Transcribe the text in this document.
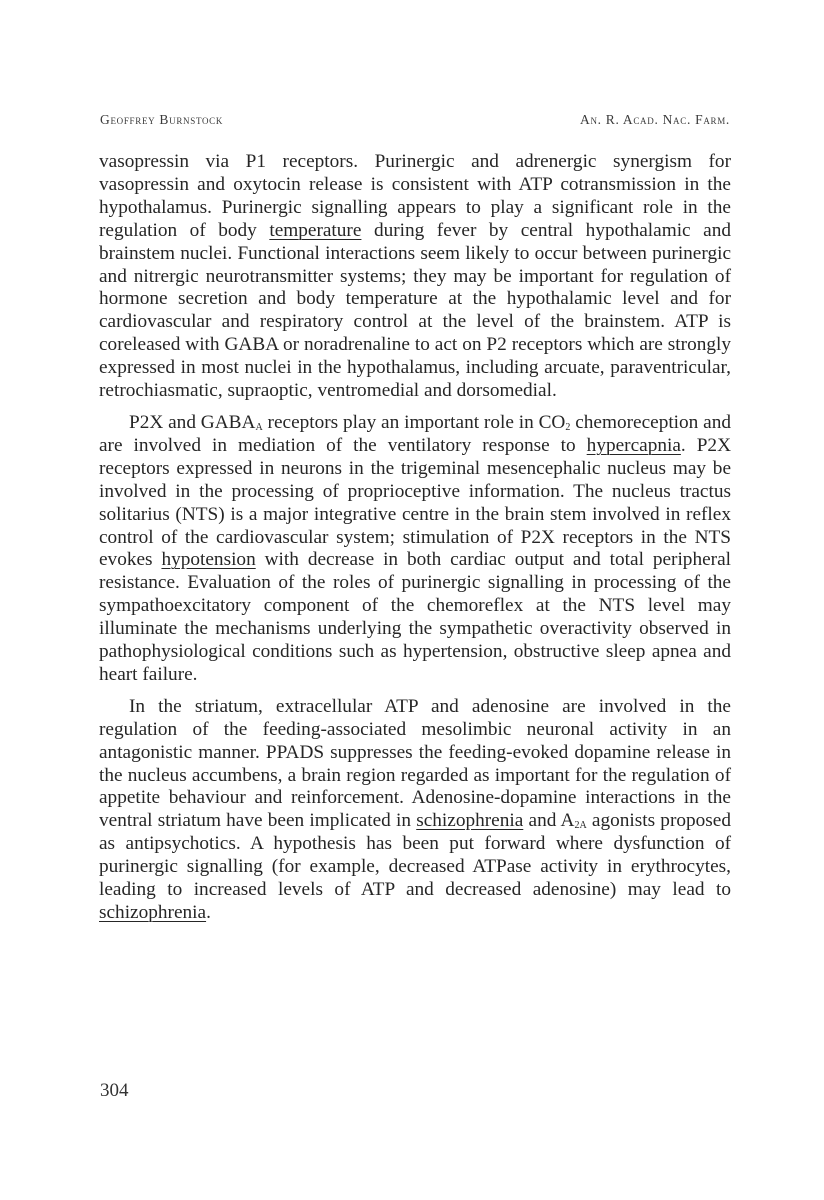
Geoffrey Burnstock	An. R. Acad. Nac. Farm.

vasopressin via P1 receptors. Purinergic and adrenergic synergism for vasopressin and oxytocin release is consistent with ATP cotransmission in the hypothalamus. Purinergic signalling appears to play a significant role in the regulation of body temperature during fever by central hypothalamic and brainstem nuclei. Functional interactions seem likely to occur between purinergic and nitrergic neurotransmitter systems; they may be important for regulation of hormone secretion and body temperature at the hypothalamic level and for cardiovascular and respiratory control at the level of the brainstem. ATP is coreleased with GABA or noradrenaline to act on P2 receptors which are strongly expressed in most nuclei in the hypothalamus, including arcuate, paraventricular, retrochiasmatic, supraoptic, ventromedial and dorsomedial.

P2X and $GABA_A$ receptors play an important role in $CO_2$ chemoreception and are involved in mediation of the ventilatory response to hypercapnia. P2X receptors expressed in neurons in the trigeminal mesencephalic nucleus may be involved in the processing of proprioceptive information. The nucleus tractus solitarius (NTS) is a major integrative centre in the brain stem involved in reflex control of the cardiovascular system; stimulation of P2X receptors in the NTS evokes hypotension with decrease in both cardiac output and total peripheral resistance. Evaluation of the roles of purinergic signalling in processing of the sympathoexcitatory component of the chemoreflex at the NTS level may illuminate the mechanisms underlying the sympathetic overactivity observed in pathophysiological conditions such as hypertension, obstructive sleep apnea and heart failure.

In the striatum, extracellular ATP and adenosine are involved in the regulation of the feeding-associated mesolimbic neuronal activity in an antagonistic manner. PPADS suppresses the feeding-evoked dopamine release in the nucleus accumbens, a brain region regarded as important for the regulation of appetite behaviour and reinforcement. Adenosine-dopamine interactions in the ventral striatum have been implicated in schizophrenia and $A_{2A}$ agonists proposed as antipsychotics. A hypothesis has been put forward where dysfunction of purinergic signalling (for example, decreased ATPase activity in erythrocytes, leading to increased levels of ATP and decreased adenosine) may lead to schizophrenia.

304
